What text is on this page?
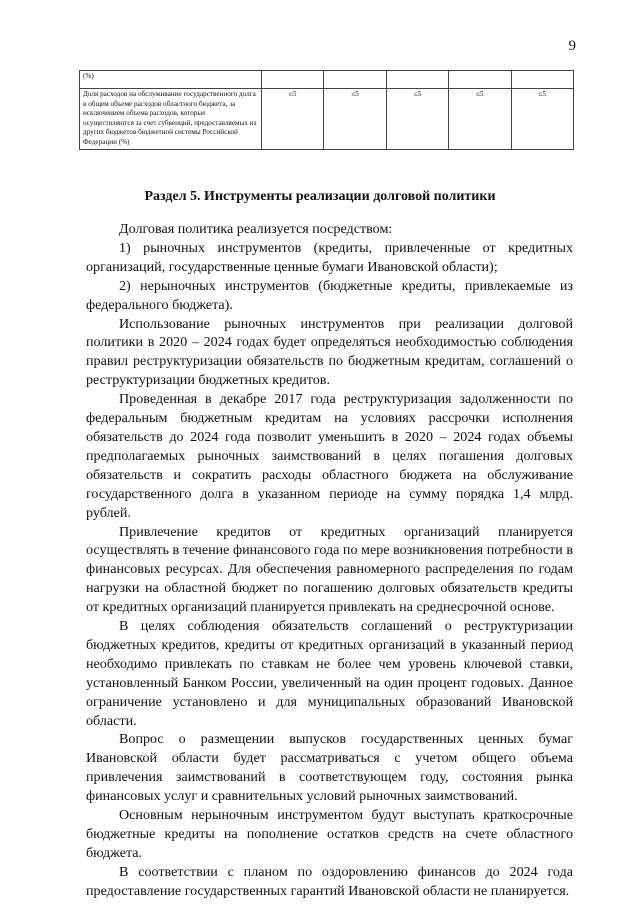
9
(%)					
Доля расходов на обслуживание государственного долга в общем объеме расходов областного бюджета, за исключением объема расходов, которые осуществляются за счет субвенций, предоставляемых из других бюджетов бюджетной системы Российской Федерации (%)	≤5	≤5	≤5	≤5	≤5
Раздел 5. Инструменты реализации долговой политики

Долговая политика реализуется посредством:

1) рыночных инструментов (кредиты, привлеченные от кредитных организаций, государственные ценные бумаги Ивановской области);

2) нерыночных инструментов (бюджетные кредиты, привлекаемые из федерального бюджета).

Использование рыночных инструментов при реализации долговой политики в 2020 – 2024 годах будет определяться необходимостью соблюдения правил реструктуризации обязательств по бюджетным кредитам, соглашений о реструктуризации бюджетных кредитов.

Проведенная в декабре 2017 года реструктуризация задолженности по федеральным бюджетным кредитам на условиях рассрочки исполнения обязательств до 2024 года позволит уменьшить в 2020 – 2024 годах объемы предполагаемых рыночных заимствований в целях погашения долговых обязательств и сократить расходы областного бюджета на обслуживание государственного долга в указанном периоде на сумму порядка 1,4 млрд. рублей.

Привлечение кредитов от кредитных организаций планируется осуществлять в течение финансового года по мере возникновения потребности в финансовых ресурсах. Для обеспечения равномерного распределения по годам нагрузки на областной бюджет по погашению долговых обязательств кредиты от кредитных организаций планируется привлекать на среднесрочной основе.

В целях соблюдения обязательств соглашений о реструктуризации бюджетных кредитов, кредиты от кредитных организаций в указанный период необходимо привлекать по ставкам не более чем уровень ключевой ставки, установленный Банком России, увеличенный на один процент годовых. Данное ограничение установлено и для муниципальных образований Ивановской области.

Вопрос о размещении выпусков государственных ценных бумаг Ивановской области будет рассматриваться с учетом общего объема привлечения заимствований в соответствующем году, состояния рынка финансовых услуг и сравнительных условий рыночных заимствований.

Основным нерыночным инструментом будут выступать краткосрочные бюджетные кредиты на пополнение остатков средств на счете областного бюджета.

В соответствии с планом по оздоровлению финансов до 2024 года предоставление государственных гарантий Ивановской области не планируется.
